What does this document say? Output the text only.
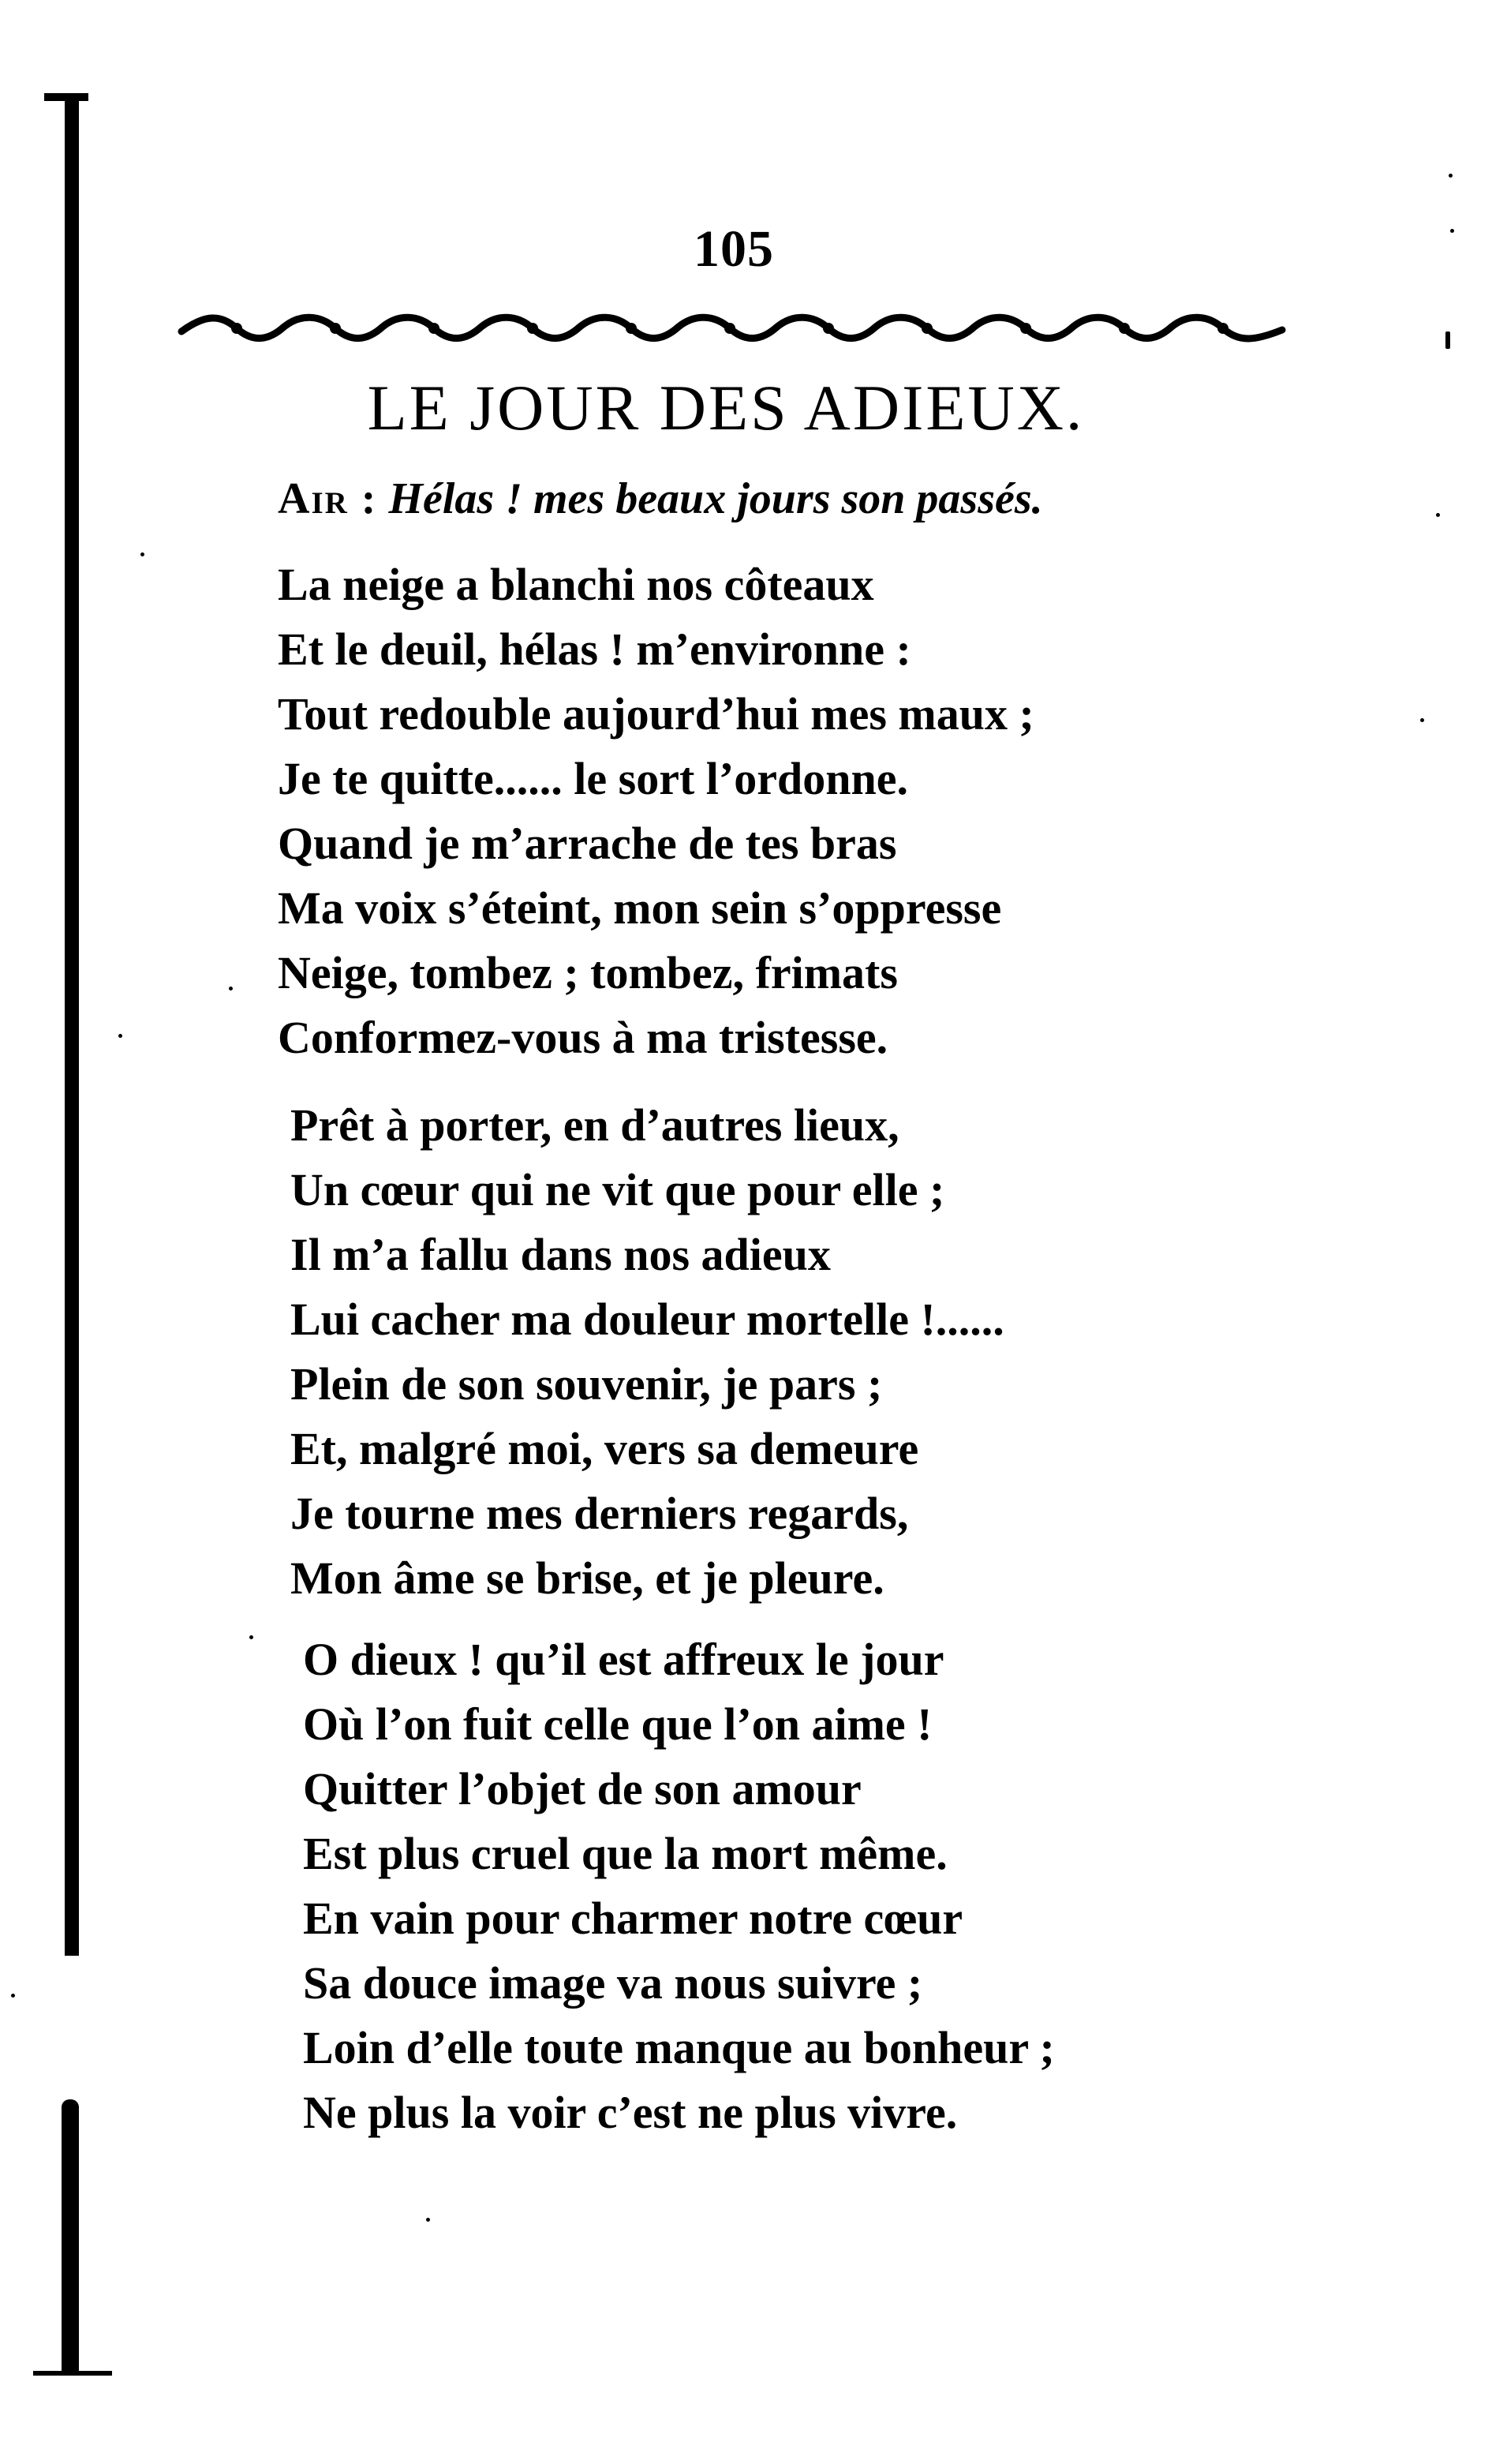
105
LE JOUR DES ADIEUX.
Air : Hélas ! mes beaux jours son passés.
La neige a blanchi nos côteaux
Et le deuil, hélas ! m’environne :
Tout redouble aujourd’hui mes maux ;
Je te quitte...... le sort l’ordonne.
Quand je m’arrache de tes bras
Ma voix s’éteint, mon sein s’oppresse
Neige, tombez ; tombez, frimats
Conformez-vous à ma tristesse.
Prêt à porter, en d’autres lieux,
Un cœur qui ne vit que pour elle ;
Il m’a fallu dans nos adieux
Lui cacher ma douleur mortelle !......
Plein de son souvenir, je pars ;
Et, malgré moi, vers sa demeure
Je tourne mes derniers regards,
Mon âme se brise, et je pleure.
O dieux ! qu’il est affreux le jour
Où l’on fuit celle que l’on aime !
Quitter l’objet de son amour
Est plus cruel que la mort même.
En vain pour charmer notre cœur
Sa douce image va nous suivre ;
Loin d’elle toute manque au bonheur ;
Ne plus la voir c’est ne plus vivre.
